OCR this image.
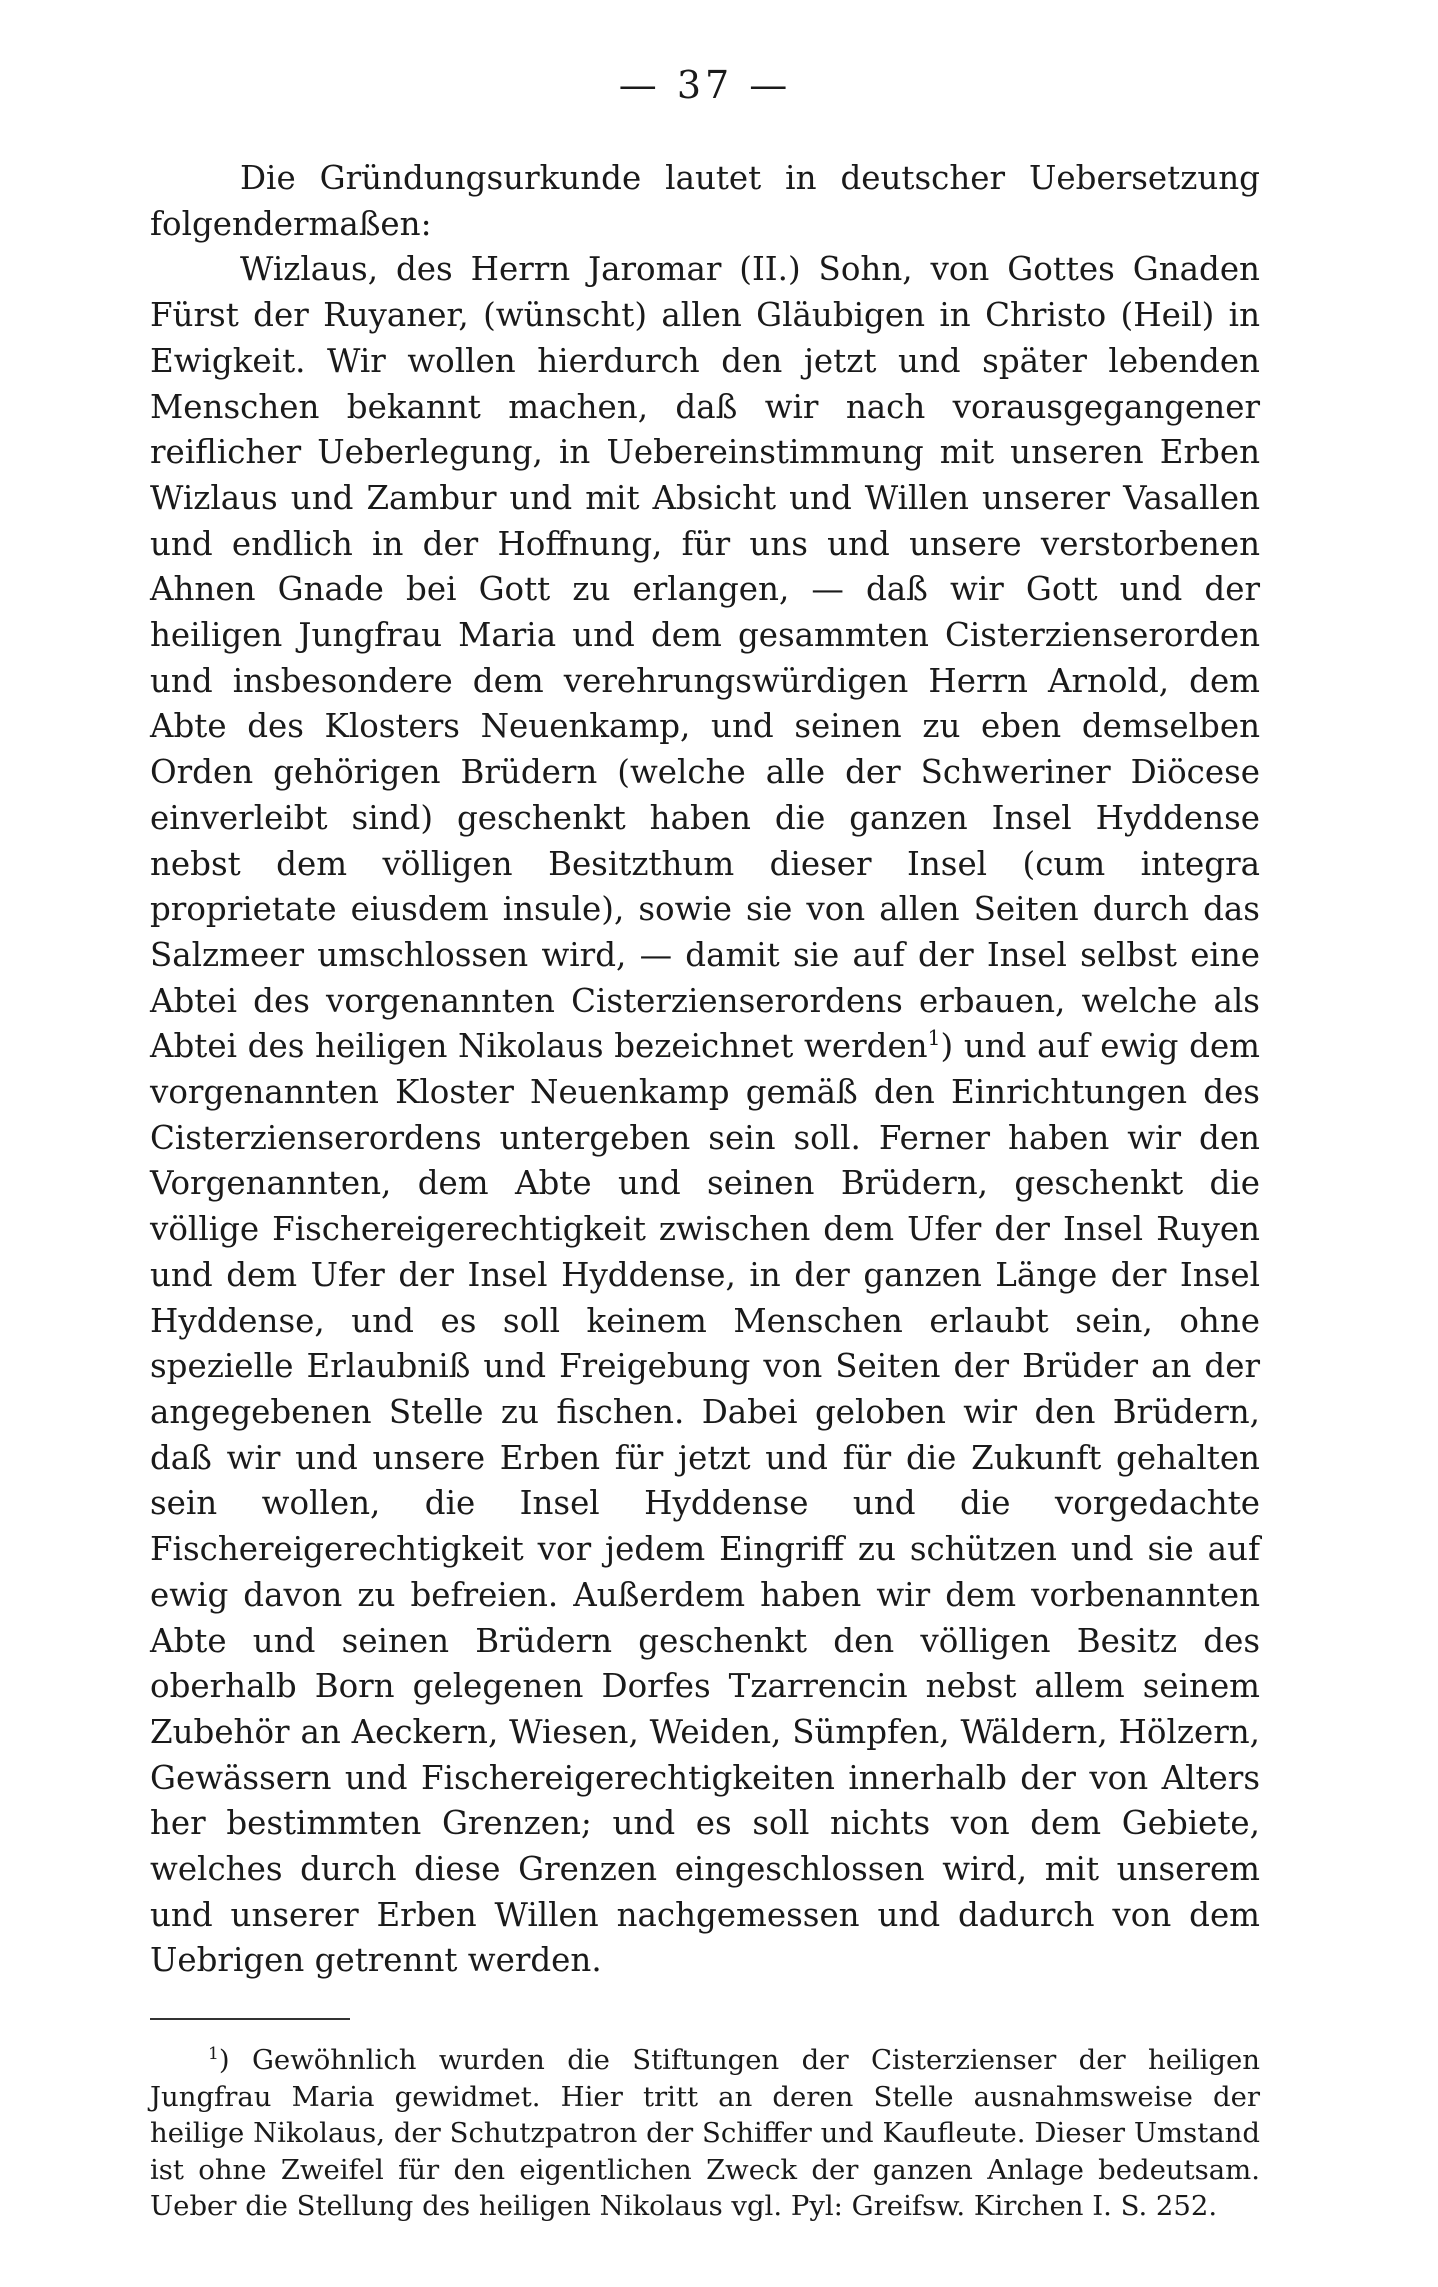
— 37 —

Die Gründungsurkunde lautet in deutscher Uebersetzung folgendermaßen:

Wizlaus, des Herrn Jaromar (II.) Sohn, von Gottes Gnaden Fürst der Ruyaner, (wünscht) allen Gläubigen in Christo (Heil) in Ewigkeit. Wir wollen hierdurch den jetzt und später lebenden Menschen bekannt machen, daß wir nach vorausgegangener reiflicher Ueberlegung, in Uebereinstimmung mit unseren Erben Wizlaus und Zambur und mit Absicht und Willen unserer Vasallen und endlich in der Hoffnung, für uns und unsere verstorbenen Ahnen Gnade bei Gott zu erlangen, — daß wir Gott und der heiligen Jungfrau Maria und dem gesammten Cisterzienserorden und insbesondere dem verehrungswürdigen Herrn Arnold, dem Abte des Klosters Neuenkamp, und seinen zu eben demselben Orden gehörigen Brüdern (welche alle der Schweriner Diöcese einverleibt sind) geschenkt haben die ganzen Insel Hyddense nebst dem völligen Besitzthum dieser Insel (cum integra proprietate eiusdem insule), sowie sie von allen Seiten durch das Salzmeer umschlossen wird, — damit sie auf der Insel selbst eine Abtei des vorgenannten Cisterzienserordens erbauen, welche als Abtei des heiligen Nikolaus bezeichnet werden$^1$) und auf ewig dem vorgenannten Kloster Neuenkamp gemäß den Einrichtungen des Cisterzienserordens untergeben sein soll. Ferner haben wir den Vorgenannten, dem Abte und seinen Brüdern, geschenkt die völlige Fischereigerechtigkeit zwischen dem Ufer der Insel Ruyen und dem Ufer der Insel Hyddense, in der ganzen Länge der Insel Hyddense, und es soll keinem Menschen erlaubt sein, ohne spezielle Erlaubniß und Freigebung von Seiten der Brüder an der angegebenen Stelle zu fischen. Dabei geloben wir den Brüdern, daß wir und unsere Erben für jetzt und für die Zukunft gehalten sein wollen, die Insel Hyddense und die vorgedachte Fischereigerechtigkeit vor jedem Eingriff zu schützen und sie auf ewig davon zu befreien. Außerdem haben wir dem vorbenannten Abte und seinen Brüdern geschenkt den völligen Besitz des oberhalb Born gelegenen Dorfes Tzarrencin nebst allem seinem Zubehör an Aeckern, Wiesen, Weiden, Sümpfen, Wäldern, Hölzern, Gewässern und Fischereigerechtigkeiten innerhalb der von Alters her bestimmten Grenzen; und es soll nichts von dem Gebiete, welches durch diese Grenzen eingeschlossen wird, mit unserem und unserer Erben Willen nachgemessen und dadurch von dem Uebrigen getrennt werden.

$^1$) Gewöhnlich wurden die Stiftungen der Cisterzienser der heiligen Jungfrau Maria gewidmet. Hier tritt an deren Stelle ausnahmsweise der heilige Nikolaus, der Schutzpatron der Schiffer und Kaufleute. Dieser Umstand ist ohne Zweifel für den eigentlichen Zweck der ganzen Anlage bedeutsam. Ueber die Stellung des heiligen Nikolaus vgl. Pyl: Greifsw. Kirchen I. S. 252.
